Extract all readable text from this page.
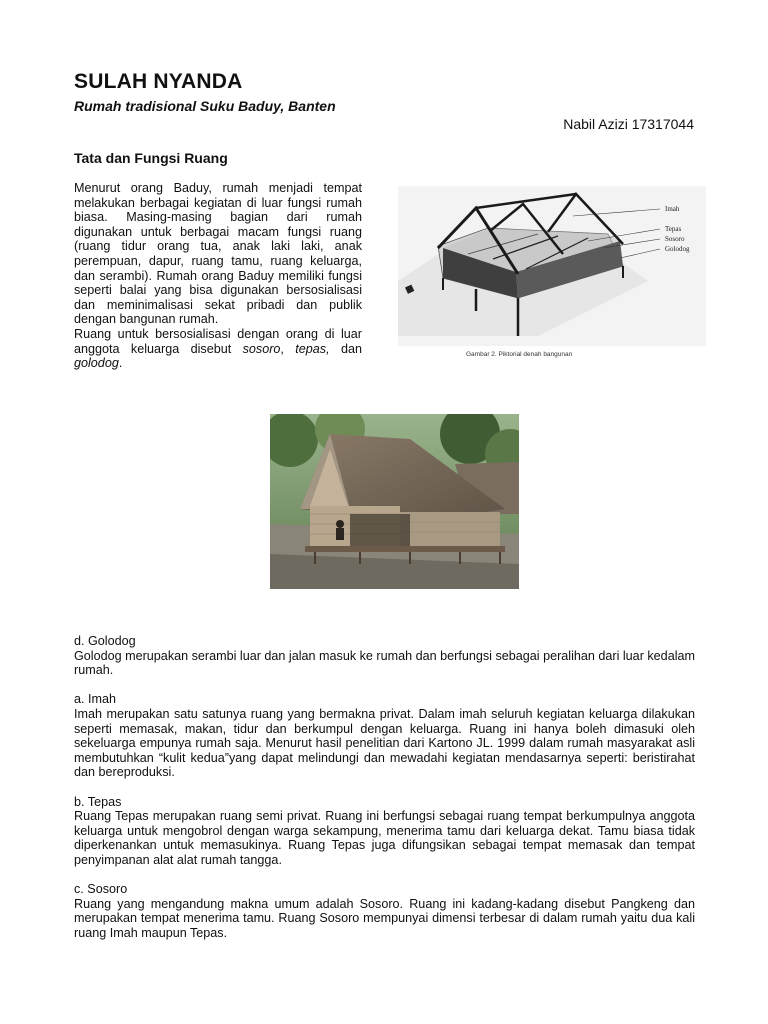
SULAH NYANDA

Rumah tradisional Suku Baduy, Banten

Nabil Azizi 17317044

Tata dan Fungsi Ruang

Menurut orang Baduy, rumah menjadi tempat melakukan berbagai kegiatan di luar fungsi rumah biasa. Masing-masing bagian dari rumah digunakan untuk berbagai macam fungsi ruang (ruang tidur orang tua, anak laki laki, anak perempuan, dapur, ruang tamu, ruang keluarga, dan serambi). Rumah orang Baduy memiliki fungsi seperti balai yang bisa digunakan bersosialisasi dan meminimalisasi sekat pribadi dan publik dengan bangunan rumah.

Ruang untuk bersosialisasi dengan orang di luar anggota keluarga disebut sosoro, tepas, dan golodog.

Imah
Tepas
Sosoro
Golodog

Gambar 2. Piktorial denah bangunan

d. Golodog

Golodog merupakan serambi luar dan jalan masuk ke rumah dan berfungsi sebagai peralihan dari luar kedalam rumah.

a. Imah

Imah merupakan satu satunya ruang yang bermakna privat. Dalam imah seluruh kegiatan keluarga dilakukan seperti memasak, makan, tidur dan berkumpul dengan keluarga. Ruang ini hanya boleh dimasuki oleh sekeluarga empunya rumah saja. Menurut hasil penelitian dari Kartono JL. 1999 dalam rumah masyarakat asli membutuhkan “kulit kedua”yang dapat melindungi dan mewadahi kegiatan mendasarnya seperti: beristirahat dan bereproduksi.

b. Tepas

Ruang Tepas merupakan ruang semi privat. Ruang ini berfungsi sebagai ruang tempat berkumpulnya anggota keluarga untuk mengobrol dengan warga sekampung, menerima tamu dari keluarga dekat. Tamu biasa tidak diperkenankan untuk memasukinya. Ruang Tepas juga difungsikan sebagai tempat memasak dan tempat penyimpanan alat alat rumah tangga.

c. Sosoro

Ruang yang mengandung makna umum adalah Sosoro. Ruang ini kadang-kadang disebut Pangkeng dan merupakan tempat menerima tamu. Ruang Sosoro mempunyai dimensi terbesar di dalam rumah yaitu dua kali ruang Imah maupun Tepas.
